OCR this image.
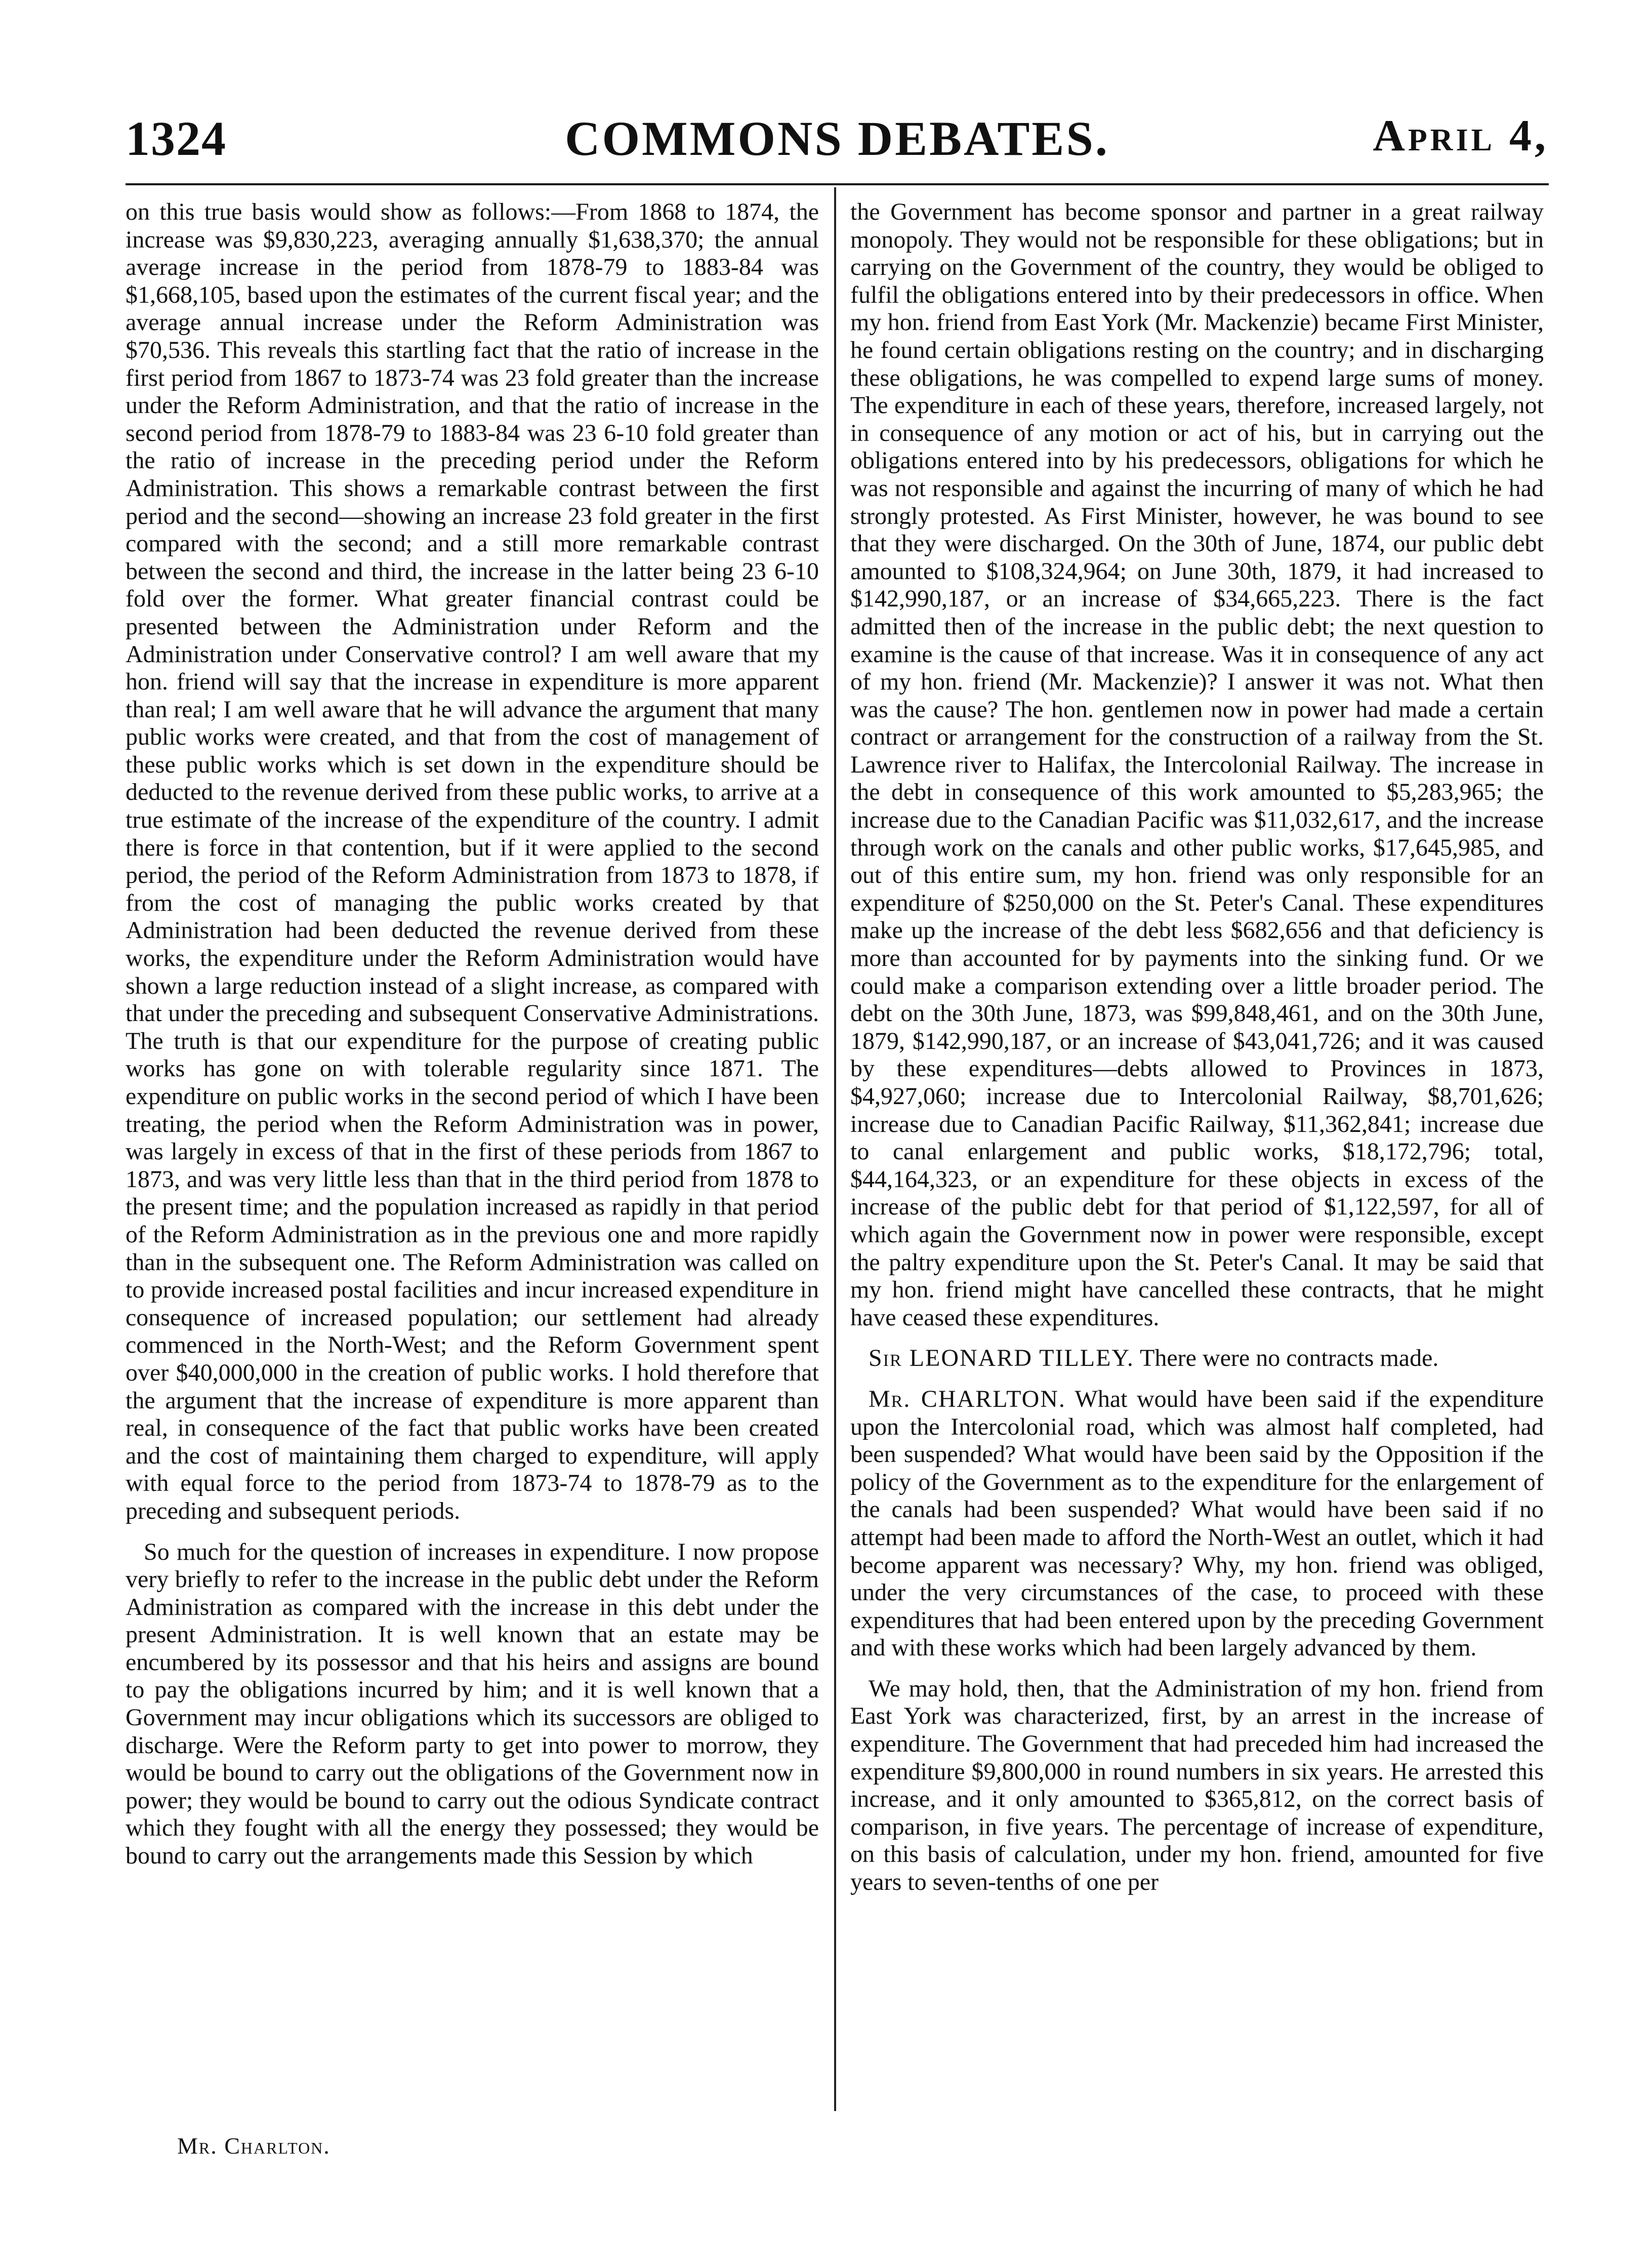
1324	COMMONS DEBATES.	April 4,

on this true basis would show as follows:—From 1868 to 1874, the increase was $9,830,223, averaging annually $1,638,370; the annual average increase in the period from 1878-79 to 1883-84 was $1,668,105, based upon the estimates of the current fiscal year; and the average annual increase under the Reform Administration was $70,536. This reveals this startling fact that the ratio of increase in the first period from 1867 to 1873-74 was 23 fold greater than the increase under the Reform Administration, and that the ratio of increase in the second period from 1878-79 to 1883-84 was 23 6-10 fold greater than the ratio of increase in the preceding period under the Reform Administration. This shows a remarkable contrast between the first period and the second—showing an increase 23 fold greater in the first compared with the second; and a still more remarkable contrast between the second and third, the increase in the latter being 23 6-10 fold over the former. What greater financial contrast could be presented between the Administration under Reform and the Administration under Conservative control? I am well aware that my hon. friend will say that the increase in expenditure is more apparent than real; I am well aware that he will advance the argument that many public works were created, and that from the cost of management of these public works which is set down in the expenditure should be deducted to the revenue derived from these public works, to arrive at a true estimate of the increase of the expenditure of the country. I admit there is force in that contention, but if it were applied to the second period, the period of the Reform Administration from 1873 to 1878, if from the cost of managing the public works created by that Administration had been deducted the revenue derived from these works, the expenditure under the Reform Administration would have shown a large reduction instead of a slight increase, as compared with that under the preceding and subsequent Conservative Administrations. The truth is that our expenditure for the purpose of creating public works has gone on with tolerable regularity since 1871. The expenditure on public works in the second period of which I have been treating, the period when the Reform Administration was in power, was largely in excess of that in the first of these periods from 1867 to 1873, and was very little less than that in the third period from 1878 to the present time; and the population increased as rapidly in that period of the Reform Administration as in the previous one and more rapidly than in the subsequent one. The Reform Administration was called on to provide increased postal facilities and incur increased expenditure in consequence of increased population; our settlement had already commenced in the North-West; and the Reform Government spent over $40,000,000 in the creation of public works. I hold therefore that the argument that the increase of expenditure is more apparent than real, in consequence of the fact that public works have been created and the cost of maintaining them charged to expenditure, will apply with equal force to the period from 1873-74 to 1878-79 as to the preceding and subsequent periods.

So much for the question of increases in expenditure. I now propose very briefly to refer to the increase in the public debt under the Reform Administration as compared with the increase in this debt under the present Administration. It is well known that an estate may be encumbered by its possessor and that his heirs and assigns are bound to pay the obligations incurred by him; and it is well known that a Government may incur obligations which its successors are obliged to discharge. Were the Reform party to get into power to morrow, they would be bound to carry out the obligations of the Government now in power; they would be bound to carry out the odious Syndicate contract which they fought with all the energy they possessed; they would be bound to carry out the arrangements made this Session by which

the Government has become sponsor and partner in a great railway monopoly. They would not be responsible for these obligations; but in carrying on the Government of the country, they would be obliged to fulfil the obligations entered into by their predecessors in office. When my hon. friend from East York (Mr. Mackenzie) became First Minister, he found certain obligations resting on the country; and in discharging these obligations, he was compelled to expend large sums of money. The expenditure in each of these years, therefore, increased largely, not in consequence of any motion or act of his, but in carrying out the obligations entered into by his predecessors, obligations for which he was not responsible and against the incurring of many of which he had strongly protested. As First Minister, however, he was bound to see that they were discharged. On the 30th of June, 1874, our public debt amounted to $108,324,964; on June 30th, 1879, it had increased to $142,990,187, or an increase of $34,665,223. There is the fact admitted then of the increase in the public debt; the next question to examine is the cause of that increase. Was it in consequence of any act of my hon. friend (Mr. Mackenzie)? I answer it was not. What then was the cause? The hon. gentlemen now in power had made a certain contract or arrangement for the construction of a railway from the St. Lawrence river to Halifax, the Intercolonial Railway. The increase in the debt in consequence of this work amounted to $5,283,965; the increase due to the Canadian Pacific was $11,032,617, and the increase through work on the canals and other public works, $17,645,985, and out of this entire sum, my hon. friend was only responsible for an expenditure of $250,000 on the St. Peter's Canal. These expenditures make up the increase of the debt less $682,656 and that deficiency is more than accounted for by payments into the sinking fund. Or we could make a comparison extending over a little broader period. The debt on the 30th June, 1873, was $99,848,461, and on the 30th June, 1879, $142,990,187, or an increase of $43,041,726; and it was caused by these expenditures—debts allowed to Provinces in 1873, $4,927,060; increase due to Intercolonial Railway, $8,701,626; increase due to Canadian Pacific Railway, $11,362,841; increase due to canal enlargement and public works, $18,172,796; total, $44,164,323, or an expenditure for these objects in excess of the increase of the public debt for that period of $1,122,597, for all of which again the Government now in power were responsible, except the paltry expenditure upon the St. Peter's Canal. It may be said that my hon. friend might have cancelled these contracts, that he might have ceased these expenditures.

Sir LEONARD TILLEY. There were no contracts made.

Mr. CHARLTON. What would have been said if the expenditure upon the Intercolonial road, which was almost half completed, had been suspended? What would have been said by the Opposition if the policy of the Government as to the expenditure for the enlargement of the canals had been suspended? What would have been said if no attempt had been made to afford the North-West an outlet, which it had become apparent was necessary? Why, my hon. friend was obliged, under the very circumstances of the case, to proceed with these expenditures that had been entered upon by the preceding Government and with these works which had been largely advanced by them.

We may hold, then, that the Administration of my hon. friend from East York was characterized, first, by an arrest in the increase of expenditure. The Government that had preceded him had increased the expenditure $9,800,000 in round numbers in six years. He arrested this increase, and it only amounted to $365,812, on the correct basis of comparison, in five years. The percentage of increase of expenditure, on this basis of calculation, under my hon. friend, amounted for five years to seven-tenths of one per

Mr. Charlton.
